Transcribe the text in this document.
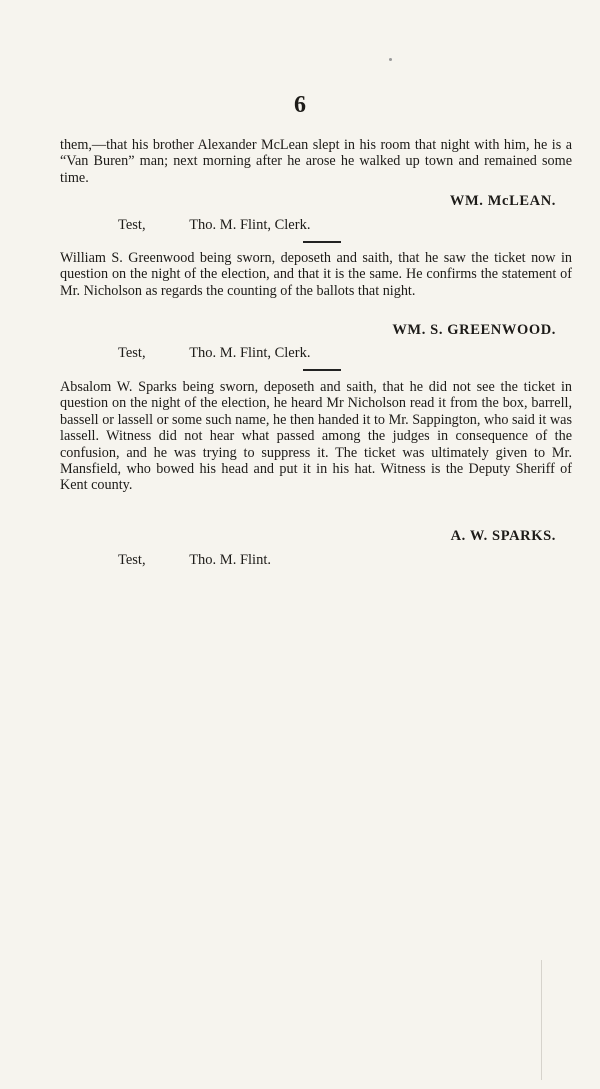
6

them,—that his brother Alexander McLean slept in his room that night with him, he is a “Van Buren” man; next morning after he arose he walked up town and remained some time.

WM. McLEAN.
Test,	Tho. M. Flint, Clerk.

William S. Greenwood being sworn, deposeth and saith, that he saw the ticket now in question on the night of the election, and that it is the same. He confirms the statement of Mr. Nicholson as regards the counting of the ballots that night.

WM. S. GREENWOOD.
Test,	Tho. M. Flint, Clerk.

Absalom W. Sparks being sworn, deposeth and saith, that he did not see the ticket in question on the night of the election, he heard Mr Nicholson read it from the box, barrell, bassell or lassell or some such name, he then handed it to Mr. Sappington, who said it was lassell. Witness did not hear what passed among the judges in consequence of the confusion, and he was trying to suppress it. The ticket was ultimately given to Mr. Mansfield, who bowed his head and put it in his hat. Witness is the Deputy Sheriff of Kent county.

A. W. SPARKS.
Test,	Tho. M. Flint.
